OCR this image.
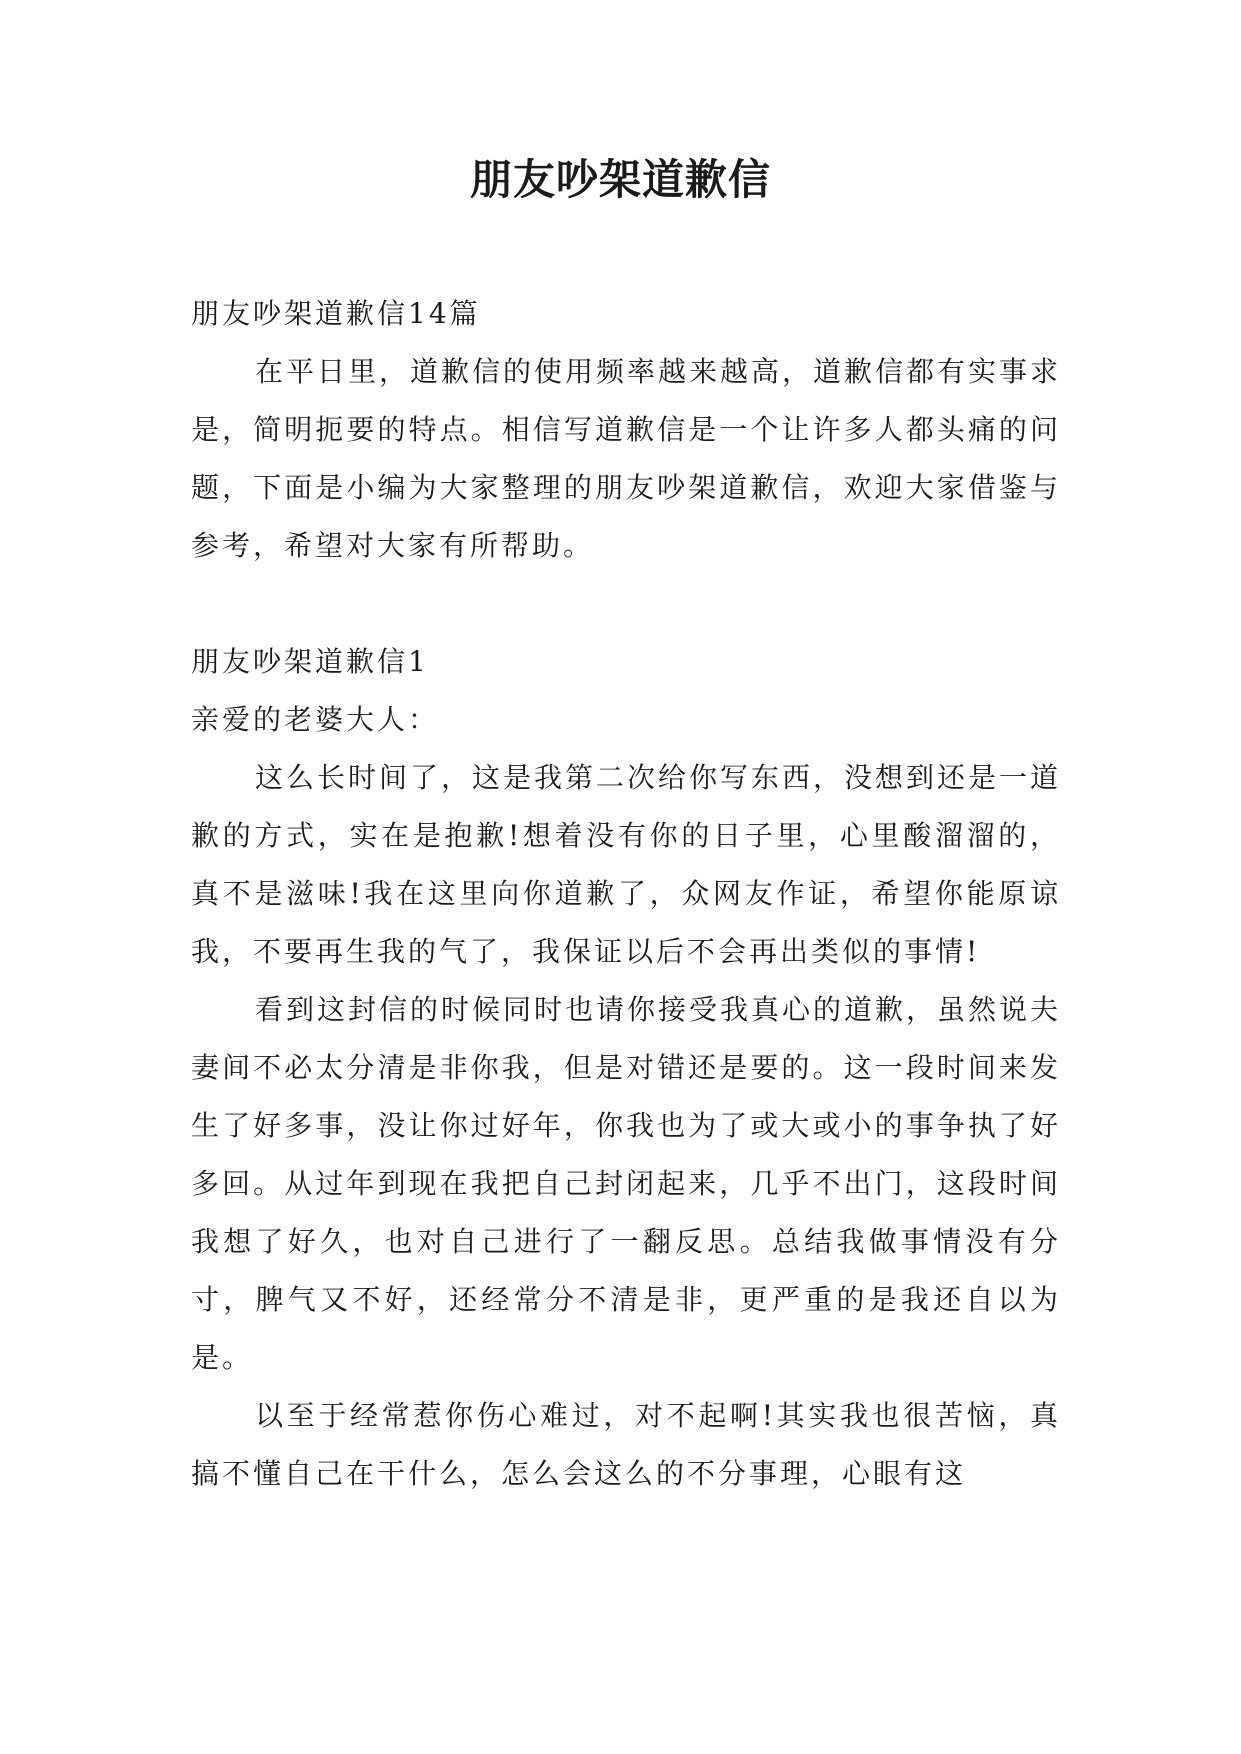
朋友吵架道歉信

朋友吵架道歉信14篇

在平日里，道歉信的使用频率越来越高，道歉信都有实事求是，简明扼要的特点。相信写道歉信是一个让许多人都头痛的问题，下面是小编为大家整理的朋友吵架道歉信，欢迎大家借鉴与参考，希望对大家有所帮助。

朋友吵架道歉信1

亲爱的老婆大人：

这么长时间了，这是我第二次给你写东西，没想到还是一道歉的方式，实在是抱歉!想着没有你的日子里，心里酸溜溜的，真不是滋味!我在这里向你道歉了，众网友作证，希望你能原谅我，不要再生我的气了，我保证以后不会再出类似的事情!

看到这封信的时候同时也请你接受我真心的道歉，虽然说夫妻间不必太分清是非你我，但是对错还是要的。这一段时间来发生了好多事，没让你过好年，你我也为了或大或小的事争执了好多回。从过年到现在我把自己封闭起来，几乎不出门，这段时间我想了好久，也对自己进行了一翻反思。总结我做事情没有分寸，脾气又不好，还经常分不清是非，更严重的是我还自以为是。

以至于经常惹你伤心难过，对不起啊!其实我也很苦恼，真搞不懂自己在干什么，怎么会这么的不分事理，心眼有这
